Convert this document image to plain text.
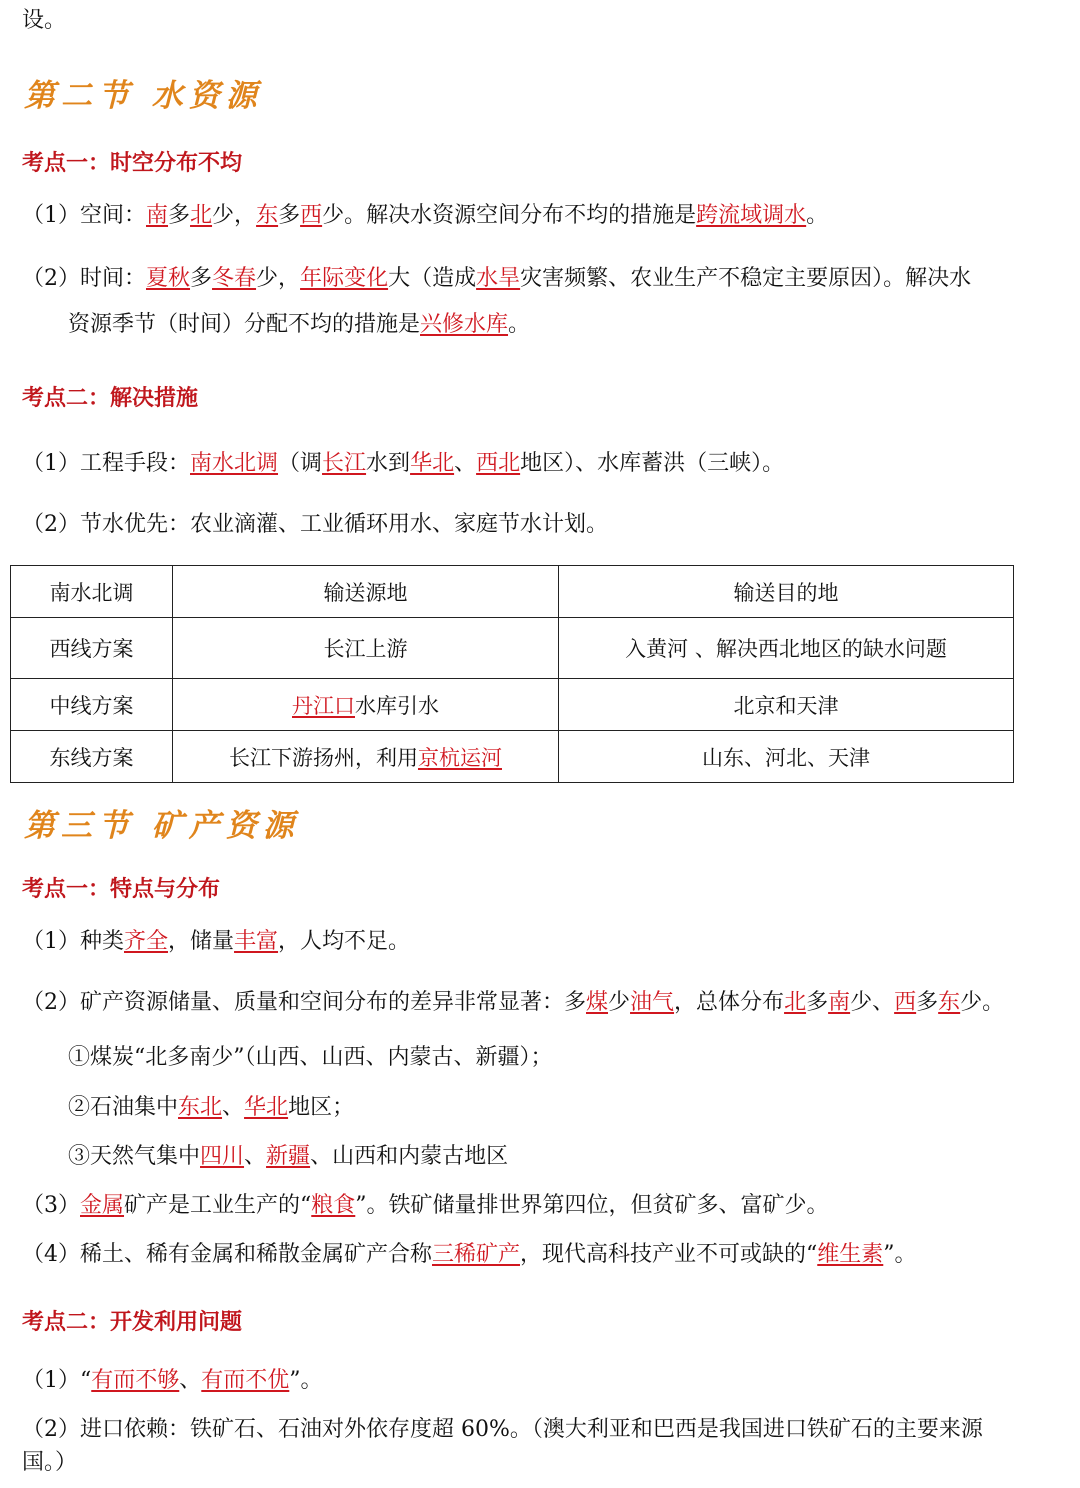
设。
第二节 水资源
考点一：时空分布不均
（1）空间：南多北少，东多西少。解决水资源空间分布不均的措施是跨流域调水。
（2）时间：夏秋多冬春少，年际变化大（造成水旱灾害频繁、农业生产不稳定主要原因）。解决水
资源季节（时间）分配不均的措施是兴修水库。
考点二：解决措施
（1）工程手段：南水北调（调长江水到华北、西北地区）、水库蓄洪（三峡）。
（2）节水优先：农业滴灌、工业循环用水、家庭节水计划。
南水北调	输送源地	输送目的地
西线方案	长江上游	入黄河 、解决西北地区的缺水问题
中线方案	丹江口水库引水	北京和天津
东线方案	长江下游扬州，利用京杭运河	山东、河北、天津
第三节 矿产资源
考点一：特点与分布
（1）种类齐全，储量丰富，人均不足。
（2）矿产资源储量、质量和空间分布的差异非常显著：多煤少油气，总体分布北多南少、西多东少。
①煤炭“北多南少”（山西、山西、内蒙古、新疆）；
②石油集中东北、华北地区；
③天然气集中四川、新疆、山西和内蒙古地区
（3）金属矿产是工业生产的“粮食”。铁矿储量排世界第四位，但贫矿多、富矿少。
（4）稀土、稀有金属和稀散金属矿产合称三稀矿产，现代高科技产业不可或缺的“维生素”。
考点二：开发利用问题
（1）“有而不够、有而不优”。
（2）进口依赖：铁矿石、石油对外依存度超 60%。（澳大利亚和巴西是我国进口铁矿石的主要来源
国。）
